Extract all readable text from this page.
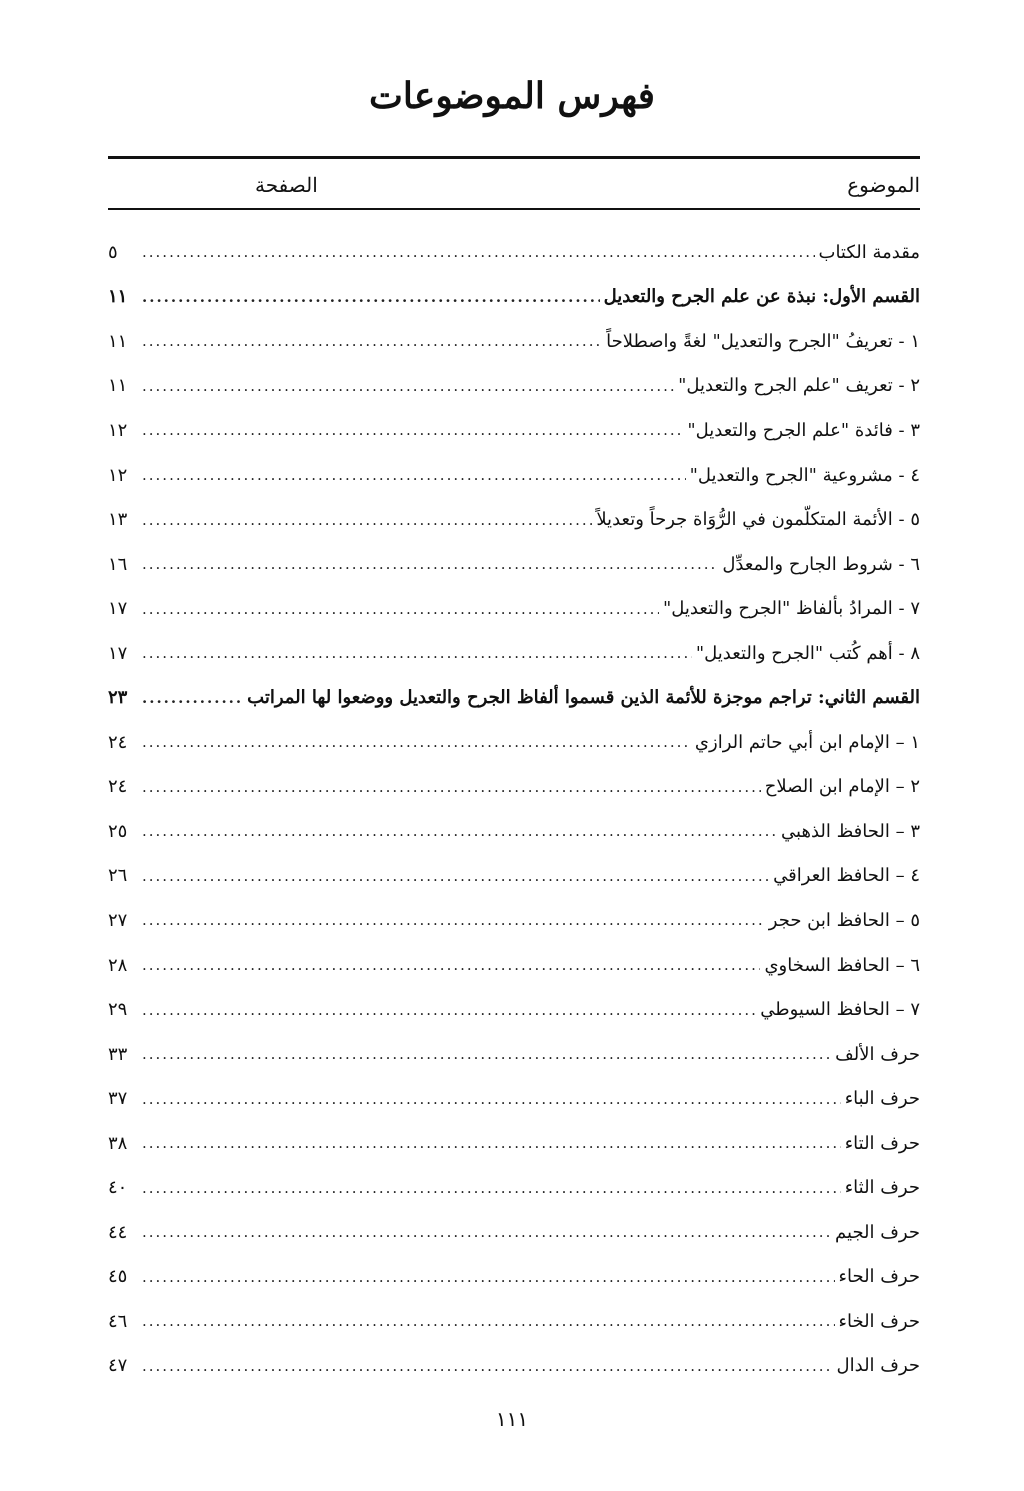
فهرس الموضوعات
الموضوع
الصفحة
مقدمة الكتاب
.....
٥
القسم الأول: نبذة عن علم الجرح والتعديل
.....
١١
١ - تعريفُ "الجرح والتعديل" لغةً واصطلاحاً
.....
١١
٢ - تعريف "علم الجرح والتعديل"
.....
١١
٣ - فائدة "علم الجرح والتعديل"
.....
١٢
٤ - مشروعية "الجرح والتعديل"
.....
١٢
٥ - الأئمة المتكلّمون في الرُّوَاة جرحاً وتعديلاً
.....
١٣
٦ - شروط الجارح والمعدِّل
.....
١٦
٧ - المرادُ بألفاظ "الجرح والتعديل"
.....
١٧
٨ - أهم كُتب "الجرح والتعديل"
.....
١٧
القسم الثاني: تراجم موجزة للأئمة الذين قسموا ألفاظ الجرح والتعديل ووضعوا لها المراتب
.....
٢٣
١ – الإمام ابن أبي حاتم الرازي
.....
٢٤
٢ – الإمام ابن الصلاح
.....
٢٤
٣ – الحافظ الذهبي
.....
٢٥
٤ – الحافظ العراقي
.....
٢٦
٥ – الحافظ ابن حجر
.....
٢٧
٦ – الحافظ السخاوي
.....
٢٨
٧ – الحافظ السيوطي
.....
٢٩
حرف الألف
.....
٣٣
حرف الباء
.....
٣٧
حرف التاء
.....
٣٨
حرف الثاء
.....
٤٠
حرف الجيم
.....
٤٤
حرف الحاء
.....
٤٥
حرف الخاء
.....
٤٦
حرف الدال
.....
٤٧
١١١
